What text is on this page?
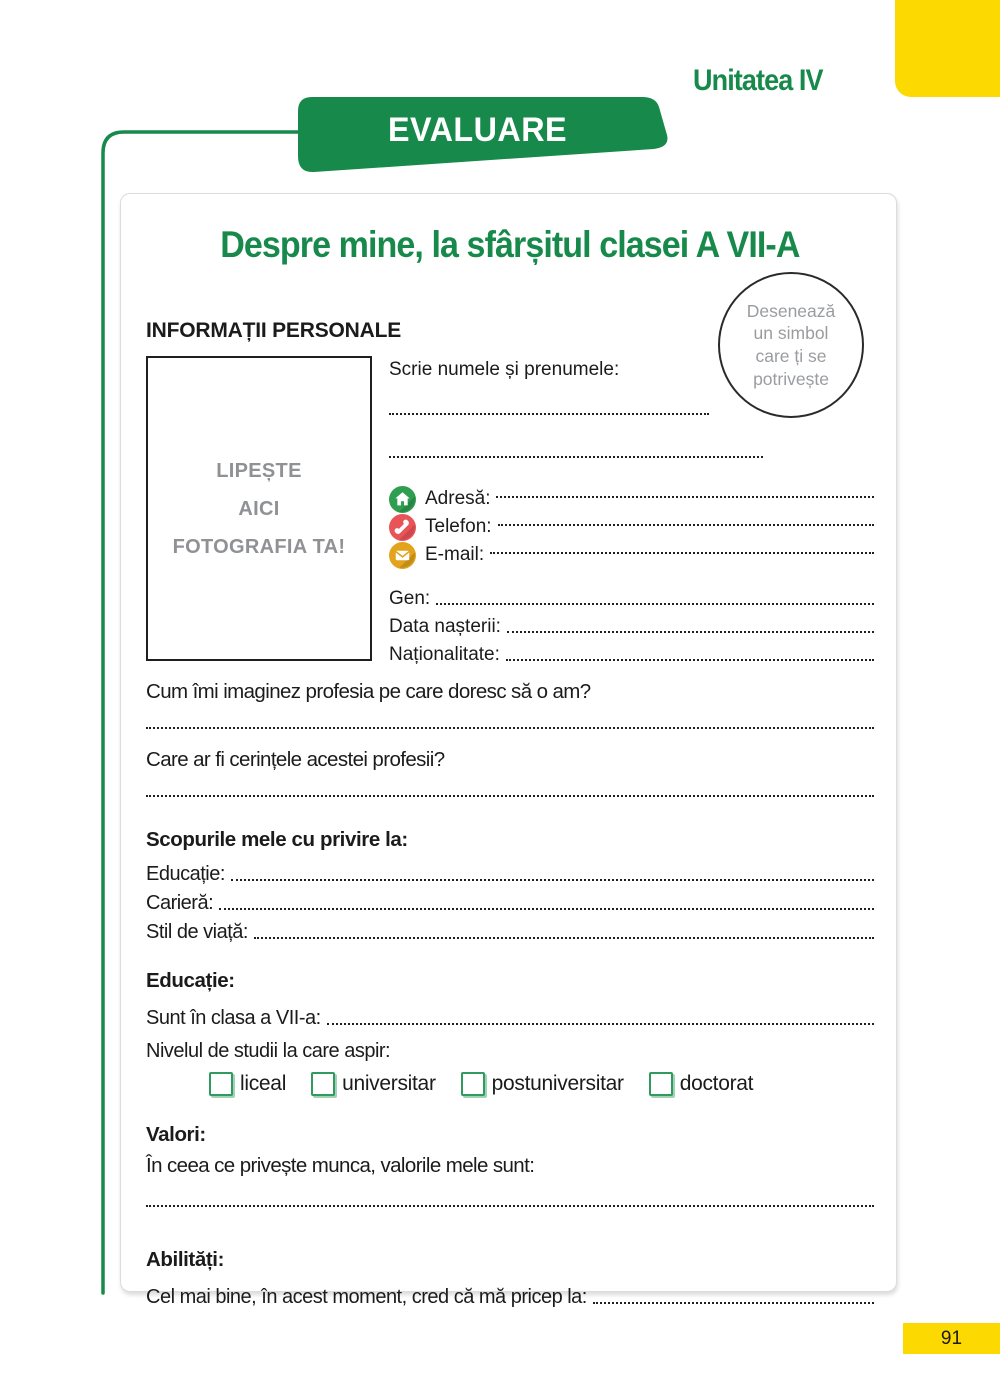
Unitatea IV
EVALUARE
Despre mine, la sfârșitul clasei A VII-A
INFORMAȚII PERSONALE
Desenează
un simbol
care ți se
potrivește
LIPEȘTE
AICI
FOTOGRAFIA TA!
Scrie numele și prenumele:
Adresă:
Telefon:
E-mail:
Gen:
Data nașterii:
Naționalitate:
Cum îmi imaginez profesia pe care doresc să o am?
Care ar fi cerințele acestei profesii?
Scopurile mele cu privire la:
Educație:
Carieră:
Stil de viață:
Educație:
Sunt în clasa a VII-a:
Nivelul de studii la care aspir:
liceal	universitar	postuniversitar	doctorat
Valori:
În ceea ce privește munca, valorile mele sunt:
Abilități:
Cel mai bine, în acest moment, cred că mă pricep la:
91
